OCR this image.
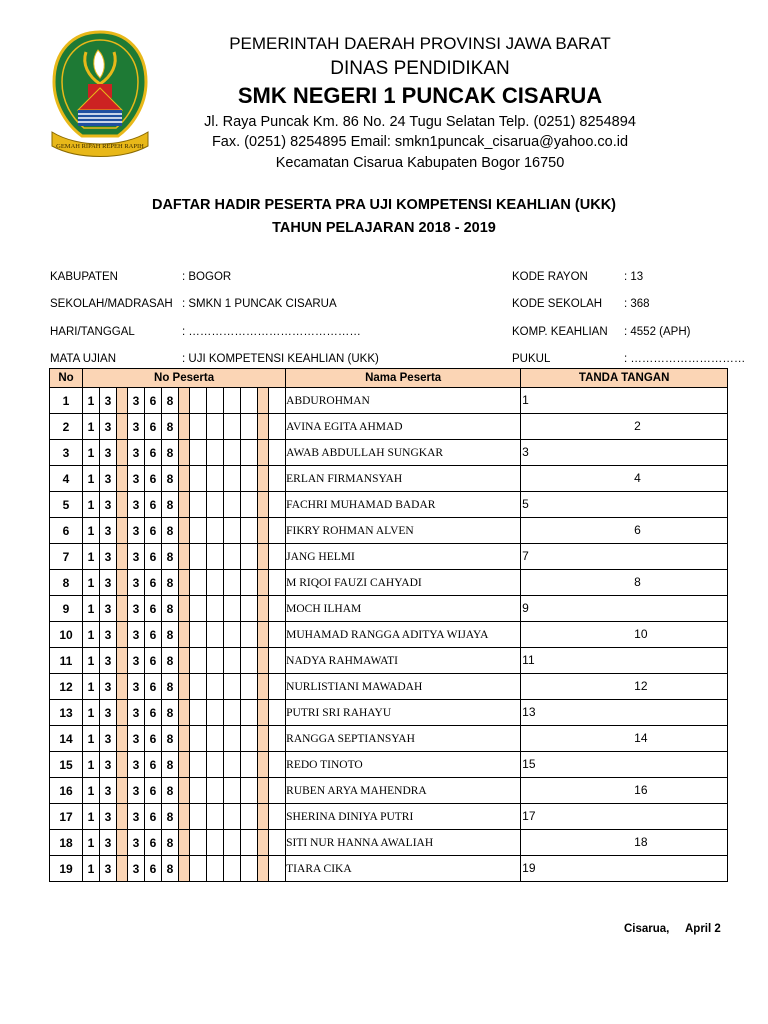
GEMAH RIPAH REPEH RAPIH
PEMERINTAH DAERAH PROVINSI JAWA BARAT
DINAS PENDIDIKAN
SMK NEGERI 1 PUNCAK CISARUA
Jl. Raya Puncak Km. 86 No. 24 Tugu Selatan Telp. (0251) 8254894
Fax. (0251) 8254895 Email: smkn1puncak_cisarua@yahoo.co.id
Kecamatan Cisarua Kabupaten Bogor 16750
DAFTAR HADIR PESERTA PRA UJI KOMPETENSI KEAHLIAN (UKK)
TAHUN PELAJARAN 2018 - 2019
KABUPATEN	: BOGOR
SEKOLAH/MADRASAH : SMKN 1 PUNCAK CISARUA
HARI/TANGGAL	: ………………………………………
MATA UJIAN	: UJI KOMPETENSI KEAHLIAN (UKK)
KODE RAYON	: 13
KODE SEKOLAH : 368
KOMP. KEAHLIAN : 4552 (APH)
PUKUL	: …………………………
No	No Peserta													Nama Peserta	TANDA TANGAN
1	1	3		3	6	8								ABDUROHMAN	1

2	1	3		3	6	8								AVINA EGITA AHMAD	2

3	1	3		3	6	8								AWAB ABDULLAH SUNGKAR	3

4	1	3		3	6	8								ERLAN FIRMANSYAH	4

5	1	3		3	6	8								FACHRI MUHAMAD BADAR	5

6	1	3		3	6	8								FIKRY ROHMAN ALVEN	6

7	1	3		3	6	8								JANG HELMI	7

8	1	3		3	6	8								M RIQOI FAUZI CAHYADI	8

9	1	3		3	6	8								MOCH ILHAM	9

10	1	3		3	6	8								MUHAMAD RANGGA ADITYA WIJAYA	10

11	1	3		3	6	8								NADYA RAHMAWATI	11

12	1	3		3	6	8								NURLISTIANI MAWADAH	12

13	1	3		3	6	8								PUTRI SRI RAHAYU	13

14	1	3		3	6	8								RANGGA SEPTIANSYAH	14

15	1	3		3	6	8								REDO TINOTO	15

16	1	3		3	6	8								RUBEN ARYA MAHENDRA	16

17	1	3		3	6	8								SHERINA DINIYA PUTRI	17

18	1	3		3	6	8								SITI NUR HANNA AWALIAH	18

19	1	3		3	6	8								TIARA CIKA	19
Cisarua, April 2
